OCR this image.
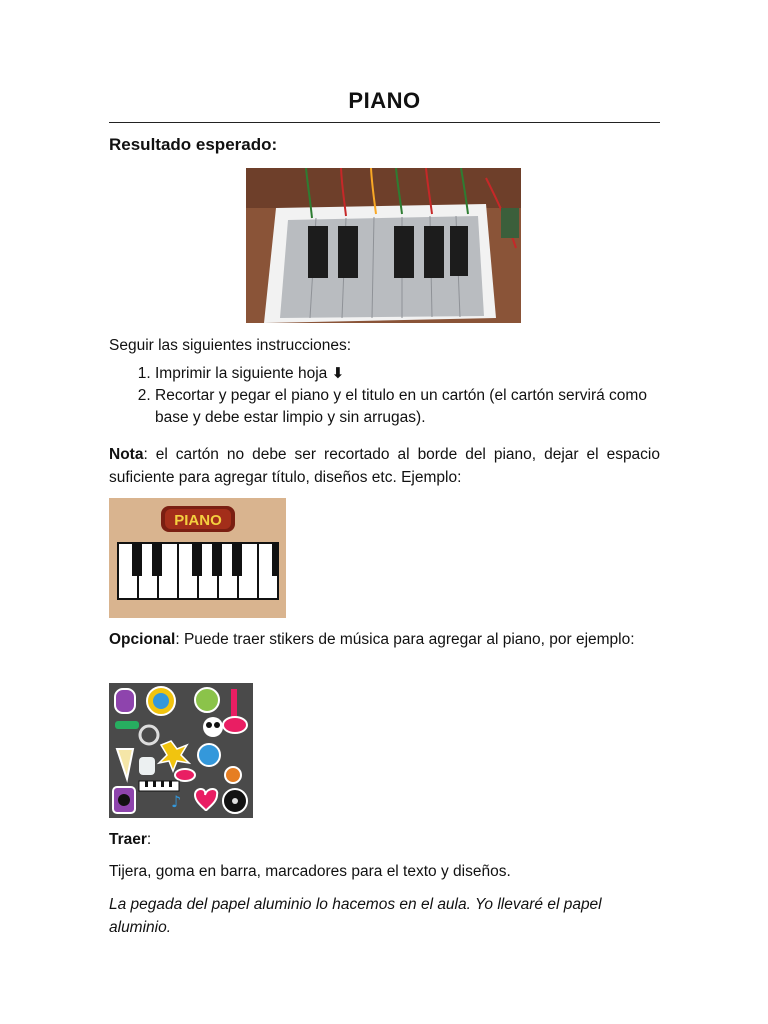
PIANO
Resultado esperado:
Seguir las siguientes instrucciones:
1. Imprimir la siguiente hoja ⬇
2. Recortar y pegar el piano y el titulo en un cartón (el cartón servirá como base y debe estar limpio y sin arrugas).
Nota: el cartón no debe ser recortado al borde del piano, dejar el espacio suficiente para agregar título, diseños etc. Ejemplo:
PIANO
Opcional: Puede traer stikers de música para agregar al piano, por ejemplo:
♪
Traer:
Tijera, goma en barra, marcadores para el texto y diseños.
La pegada del papel aluminio lo hacemos en el aula. Yo llevaré el papel aluminio.
